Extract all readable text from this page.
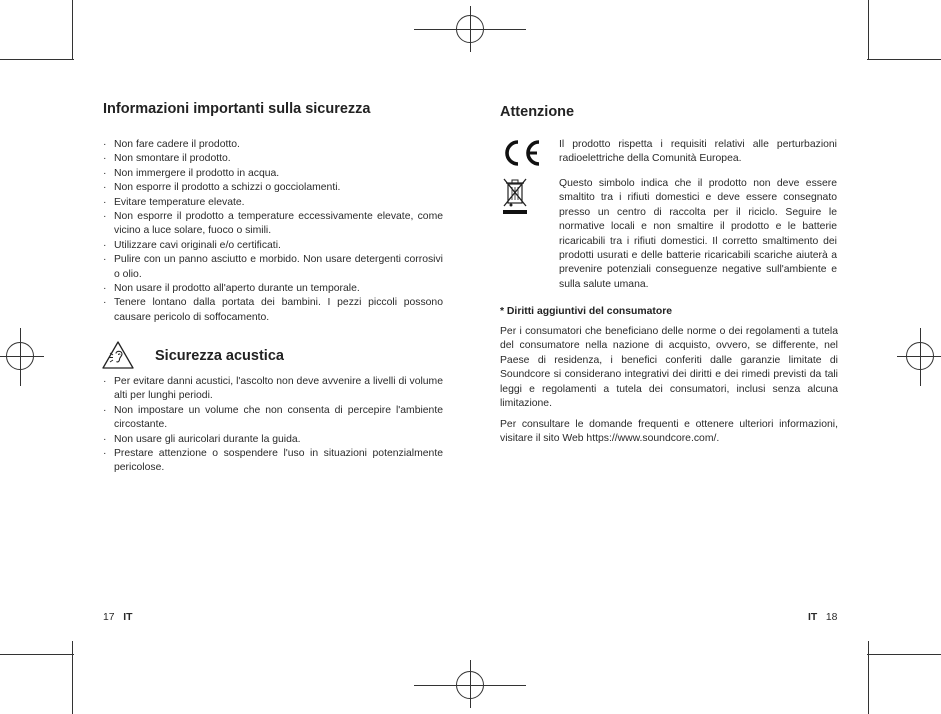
Informazioni importanti sulla sicurezza
· Non fare cadere il prodotto.
· Non smontare il prodotto.
· Non immergere il prodotto in acqua.
· Non esporre il prodotto a schizzi o gocciolamenti.
· Evitare temperature elevate.
· Non esporre il prodotto a temperature eccessivamente elevate, come vicino a luce solare, fuoco o simili.
· Utilizzare cavi originali e/o certificati.
· Pulire con un panno asciutto e morbido. Non usare detergenti corrosivi o olio.
· Non usare il prodotto all'aperto durante un temporale.
· Tenere lontano dalla portata dei bambini. I pezzi piccoli possono causare pericolo di soffocamento.
Sicurezza acustica
· Per evitare danni acustici, l'ascolto non deve avvenire a livelli di volume alti per lunghi periodi.
· Non impostare un volume che non consenta di percepire l'ambiente circostante.
· Non usare gli auricolari durante la guida.
· Prestare attenzione o sospendere l'uso in situazioni potenzialmente pericolose.
17 IT
Attenzione
Il prodotto rispetta i requisiti relativi alle perturbazioni radioelettriche della Comunità Europea.
Questo simbolo indica che il prodotto non deve essere smaltito tra i rifiuti domestici e deve essere consegnato presso un centro di raccolta per il riciclo. Seguire le normative locali e non smaltire il prodotto e le batterie ricaricabili tra i rifiuti domestici. Il corretto smaltimento dei prodotti usurati e delle batterie ricaricabili scariche aiuterà a prevenire potenziali conseguenze negative sull'ambiente e sulla salute umana.
* Diritti aggiuntivi del consumatore
Per i consumatori che beneficiano delle norme o dei regolamenti a tutela del consumatore nella nazione di acquisto, ovvero, se differente, nel Paese di residenza, i benefici conferiti dalle garanzie limitate di Soundcore si considerano integrativi dei diritti e dei rimedi previsti da tali leggi e regolamenti a tutela dei consumatori, inclusi senza alcuna limitazione.
Per consultare le domande frequenti e ottenere ulteriori informazioni, visitare il sito Web https://www.soundcore.com/.
IT 18
